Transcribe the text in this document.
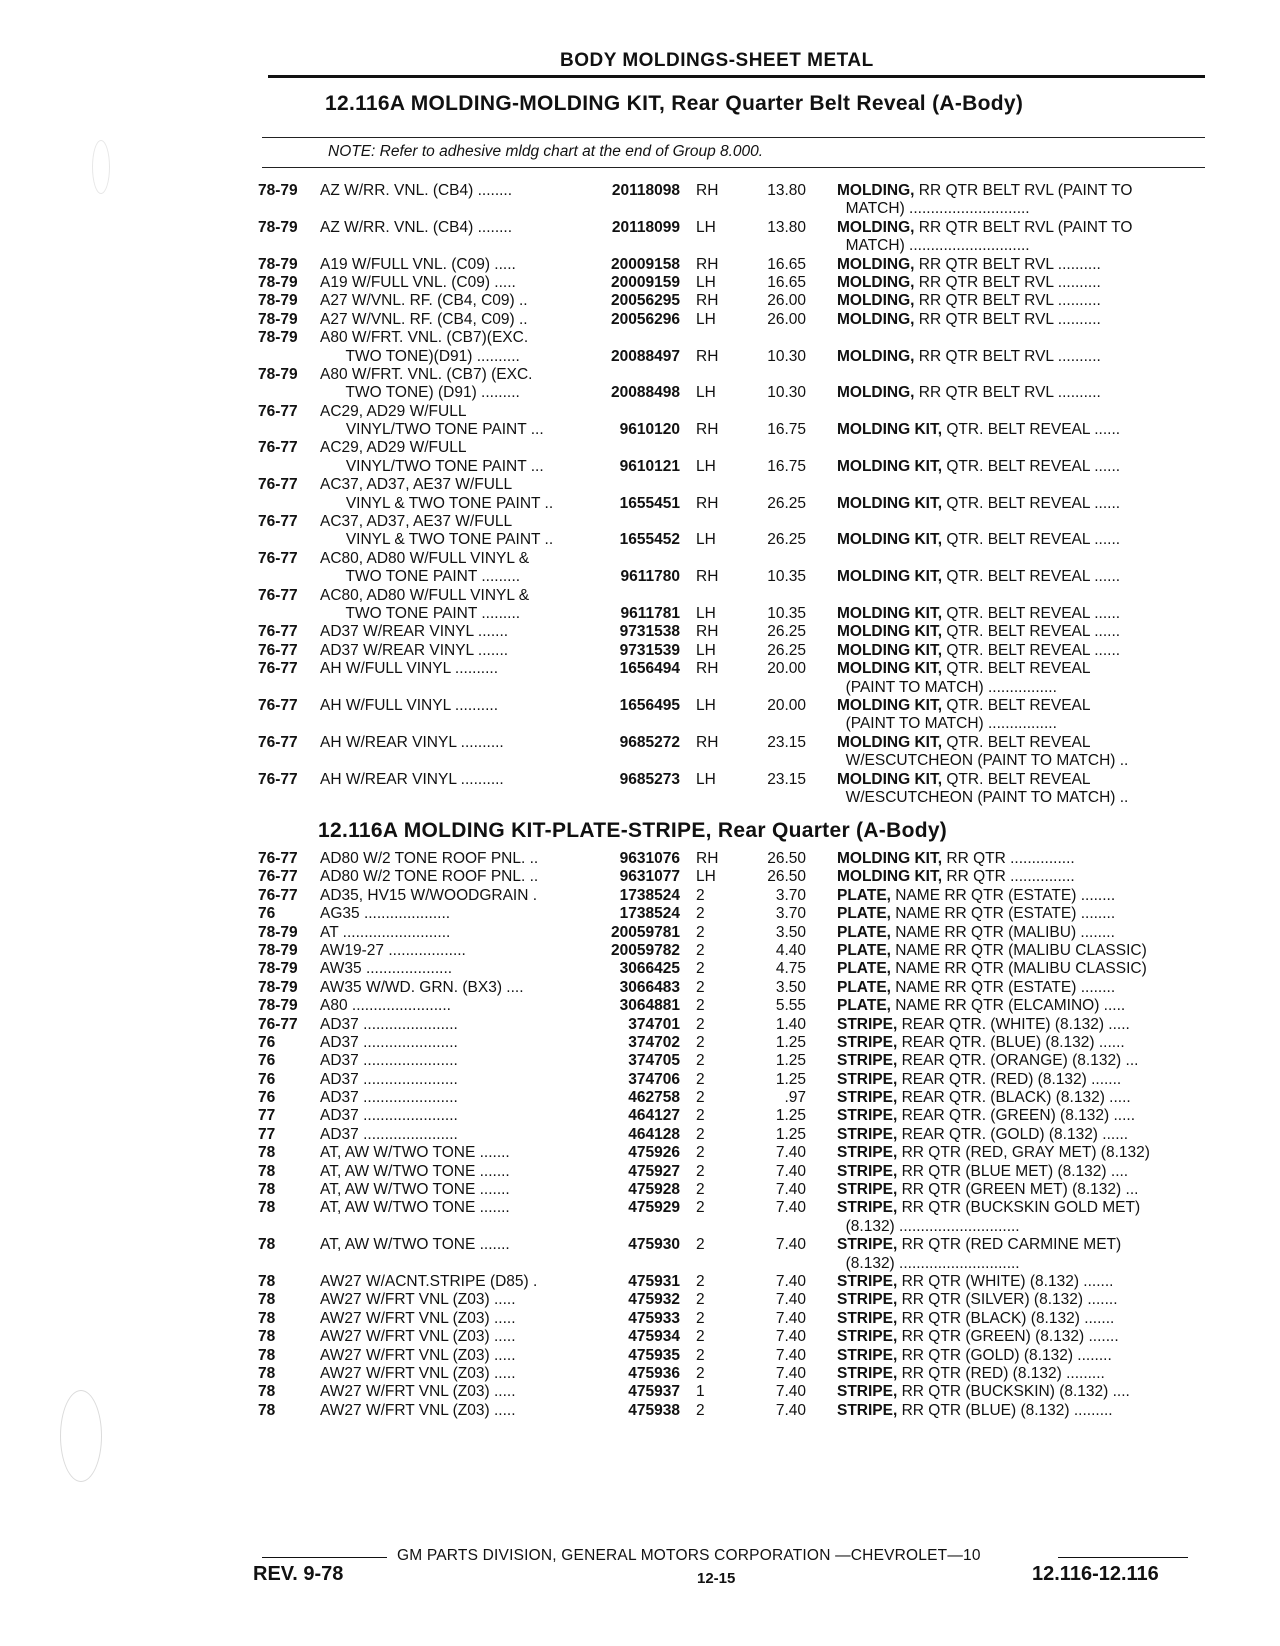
BODY MOLDINGS-SHEET METAL
12.116A MOLDING-MOLDING KIT, Rear Quarter Belt Reveal (A-Body)
NOTE: Refer to adhesive mldg chart at the end of Group 8.000.
78-79 AZ W/RR. VNL. (CB4) ........	20118098 RH	13.80 MOLDING, RR QTR BELT RVL (PAINT TO
MATCH) ............................
78-79 AZ W/RR. VNL. (CB4) ........	20118099 LH	13.80 MOLDING, RR QTR BELT RVL (PAINT TO
MATCH) ............................
78-79 A19 W/FULL VNL. (C09) .....	20009158 RH	16.65 MOLDING, RR QTR BELT RVL ..........
78-79 A19 W/FULL VNL. (C09) .....	20009159 LH	16.65 MOLDING, RR QTR BELT RVL ..........
78-79 A27 W/VNL. RF. (CB4, C09) ..	20056295 RH	26.00 MOLDING, RR QTR BELT RVL ..........
78-79 A27 W/VNL. RF. (CB4, C09) ..	20056296 LH	26.00 MOLDING, RR QTR BELT RVL ..........
78-79 A80 W/FRT. VNL. (CB7)(EXC.
TWO TONE)(D91) ..........	20088497 RH	10.30 MOLDING, RR QTR BELT RVL ..........
78-79 A80 W/FRT. VNL. (CB7) (EXC.
TWO TONE) (D91) .........	20088498 LH	10.30 MOLDING, RR QTR BELT RVL ..........
76-77 AC29, AD29 W/FULL
VINYL/TWO TONE PAINT ...	9610120 RH	16.75 MOLDING KIT, QTR. BELT REVEAL ......
76-77 AC29, AD29 W/FULL
VINYL/TWO TONE PAINT ...	9610121 LH	16.75 MOLDING KIT, QTR. BELT REVEAL ......
76-77 AC37, AD37, AE37 W/FULL
VINYL & TWO TONE PAINT ..	1655451 RH	26.25 MOLDING KIT, QTR. BELT REVEAL ......
76-77 AC37, AD37, AE37 W/FULL
VINYL & TWO TONE PAINT ..	1655452 LH	26.25 MOLDING KIT, QTR. BELT REVEAL ......
76-77 AC80, AD80 W/FULL VINYL &
TWO TONE PAINT .........	9611780 RH	10.35 MOLDING KIT, QTR. BELT REVEAL ......
76-77 AC80, AD80 W/FULL VINYL &
TWO TONE PAINT .........	9611781 LH	10.35 MOLDING KIT, QTR. BELT REVEAL ......
76-77 AD37 W/REAR VINYL .......	9731538 RH	26.25 MOLDING KIT, QTR. BELT REVEAL ......
76-77 AD37 W/REAR VINYL .......	9731539 LH	26.25 MOLDING KIT, QTR. BELT REVEAL ......
76-77 AH W/FULL VINYL ..........	1656494 RH	20.00 MOLDING KIT, QTR. BELT REVEAL
(PAINT TO MATCH) ................
76-77 AH W/FULL VINYL ..........	1656495 LH	20.00 MOLDING KIT, QTR. BELT REVEAL
(PAINT TO MATCH) ................
76-77 AH W/REAR VINYL ..........	9685272 RH	23.15 MOLDING KIT, QTR. BELT REVEAL
W/ESCUTCHEON (PAINT TO MATCH) ..
76-77 AH W/REAR VINYL ..........	9685273 LH	23.15 MOLDING KIT, QTR. BELT REVEAL
W/ESCUTCHEON (PAINT TO MATCH) ..
12.116A MOLDING KIT-PLATE-STRIPE, Rear Quarter (A-Body)
76-77 AD80 W/2 TONE ROOF PNL. ..	9631076 RH	26.50 MOLDING KIT, RR QTR ...............
76-77 AD80 W/2 TONE ROOF PNL. ..	9631077 LH	26.50 MOLDING KIT, RR QTR ...............
76-77 AD35, HV15 W/WOODGRAIN .	1738524 2	3.70 PLATE, NAME RR QTR (ESTATE) ........
76	AG35 ....................	1738524 2	3.70 PLATE, NAME RR QTR (ESTATE) ........
78-79 AT .........................	20059781 2	3.50 PLATE, NAME RR QTR (MALIBU) ........
78-79 AW19-27 ..................	20059782 2	4.40 PLATE, NAME RR QTR (MALIBU CLASSIC)
78-79 AW35 ....................	3066425 2	4.75 PLATE, NAME RR QTR (MALIBU CLASSIC)
78-79 AW35 W/WD. GRN. (BX3) ....	3066483 2	3.50 PLATE, NAME RR QTR (ESTATE) ........
78-79 A80 .......................	3064881 2	5.55 PLATE, NAME RR QTR (ELCAMINO) .....
76-77 AD37 ......................	374701 2	1.40 STRIPE, REAR QTR. (WHITE) (8.132) .....
76	AD37 ......................	374702 2	1.25 STRIPE, REAR QTR. (BLUE) (8.132) ......
76	AD37 ......................	374705 2	1.25 STRIPE, REAR QTR. (ORANGE) (8.132) ...
76	AD37 ......................	374706 2	1.25 STRIPE, REAR QTR. (RED) (8.132) .......
76	AD37 ......................	462758 2	.97 STRIPE, REAR QTR. (BLACK) (8.132) .....
77	AD37 ......................	464127 2	1.25 STRIPE, REAR QTR. (GREEN) (8.132) .....
77	AD37 ......................	464128 2	1.25 STRIPE, REAR QTR. (GOLD) (8.132) ......
78	AT, AW W/TWO TONE .......	475926 2	7.40 STRIPE, RR QTR (RED, GRAY MET) (8.132)
78	AT, AW W/TWO TONE .......	475927 2	7.40 STRIPE, RR QTR (BLUE MET) (8.132) ....
78	AT, AW W/TWO TONE .......	475928 2	7.40 STRIPE, RR QTR (GREEN MET) (8.132) ...
78	AT, AW W/TWO TONE .......	475929 2	7.40 STRIPE, RR QTR (BUCKSKIN GOLD MET)
(8.132) ............................
78	AT, AW W/TWO TONE .......	475930 2	7.40 STRIPE, RR QTR (RED CARMINE MET)
(8.132) ............................
78	AW27 W/ACNT.STRIPE (D85) .	475931 2	7.40 STRIPE, RR QTR (WHITE) (8.132) .......
78	AW27 W/FRT VNL (Z03) .....	475932 2	7.40 STRIPE, RR QTR (SILVER) (8.132) .......
78	AW27 W/FRT VNL (Z03) .....	475933 2	7.40 STRIPE, RR QTR (BLACK) (8.132) .......
78	AW27 W/FRT VNL (Z03) .....	475934 2	7.40 STRIPE, RR QTR (GREEN) (8.132) .......
78	AW27 W/FRT VNL (Z03) .....	475935 2	7.40 STRIPE, RR QTR (GOLD) (8.132) ........
78	AW27 W/FRT VNL (Z03) .....	475936 2	7.40 STRIPE, RR QTR (RED) (8.132) .........
78	AW27 W/FRT VNL (Z03) .....	475937 1	7.40 STRIPE, RR QTR (BUCKSKIN) (8.132) ....
78	AW27 W/FRT VNL (Z03) .....	475938 2	7.40 STRIPE, RR QTR (BLUE) (8.132) .........
GM PARTS DIVISION, GENERAL MOTORS CORPORATION —CHEVROLET—10
REV. 9-78	12-15	12.116-12.116
